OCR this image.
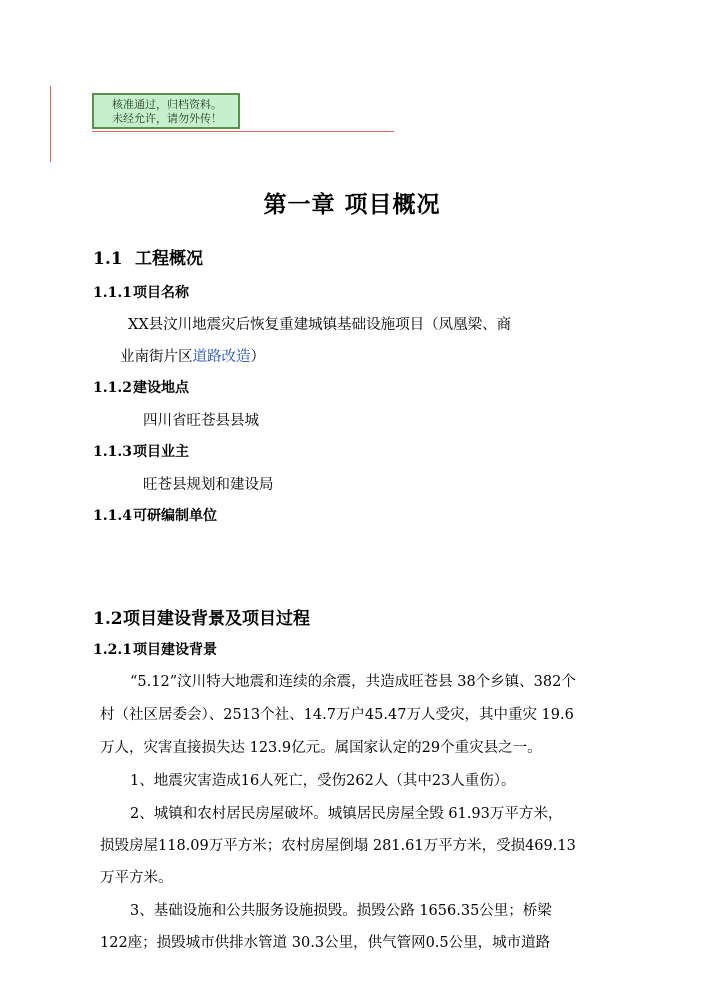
核准通过，归档资料。
未经允许，请勿外传！
第一章 项目概况
1.1 工程概况
1.1.1项目名称
XX县汶川地震灾后恢复重建城镇基础设施项目（凤凰梁、商
业南街片区道路改造）
1.1.2建设地点
四川省旺苍县县城
1.1.3项目业主
旺苍县规划和建设局
1.1.4可研编制单位
1.2项目建设背景及项目过程
1.2.1项目建设背景
“5.12”汶川特大地震和连续的余震，共造成旺苍县 38个乡镇、382个
村（社区居委会）、2513个社、14.7万户45.47万人受灾，其中重灾 19.6
万人，灾害直接损失达 123.9亿元。属国家认定的29个重灾县之一。
1、地震灾害造成16人死亡，受伤262人（其中23人重伤）。
2、城镇和农村居民房屋破坏。城镇居民房屋全毁 61.93万平方米，
损毁房屋118.09万平方米；农村房屋倒塌 281.61万平方米，受损469.13
万平方米。
3、基础设施和公共服务设施损毁。损毁公路 1656.35公里；桥梁
122座；损毁城市供排水管道 30.3公里，供气管网0.5公里，城市道路
